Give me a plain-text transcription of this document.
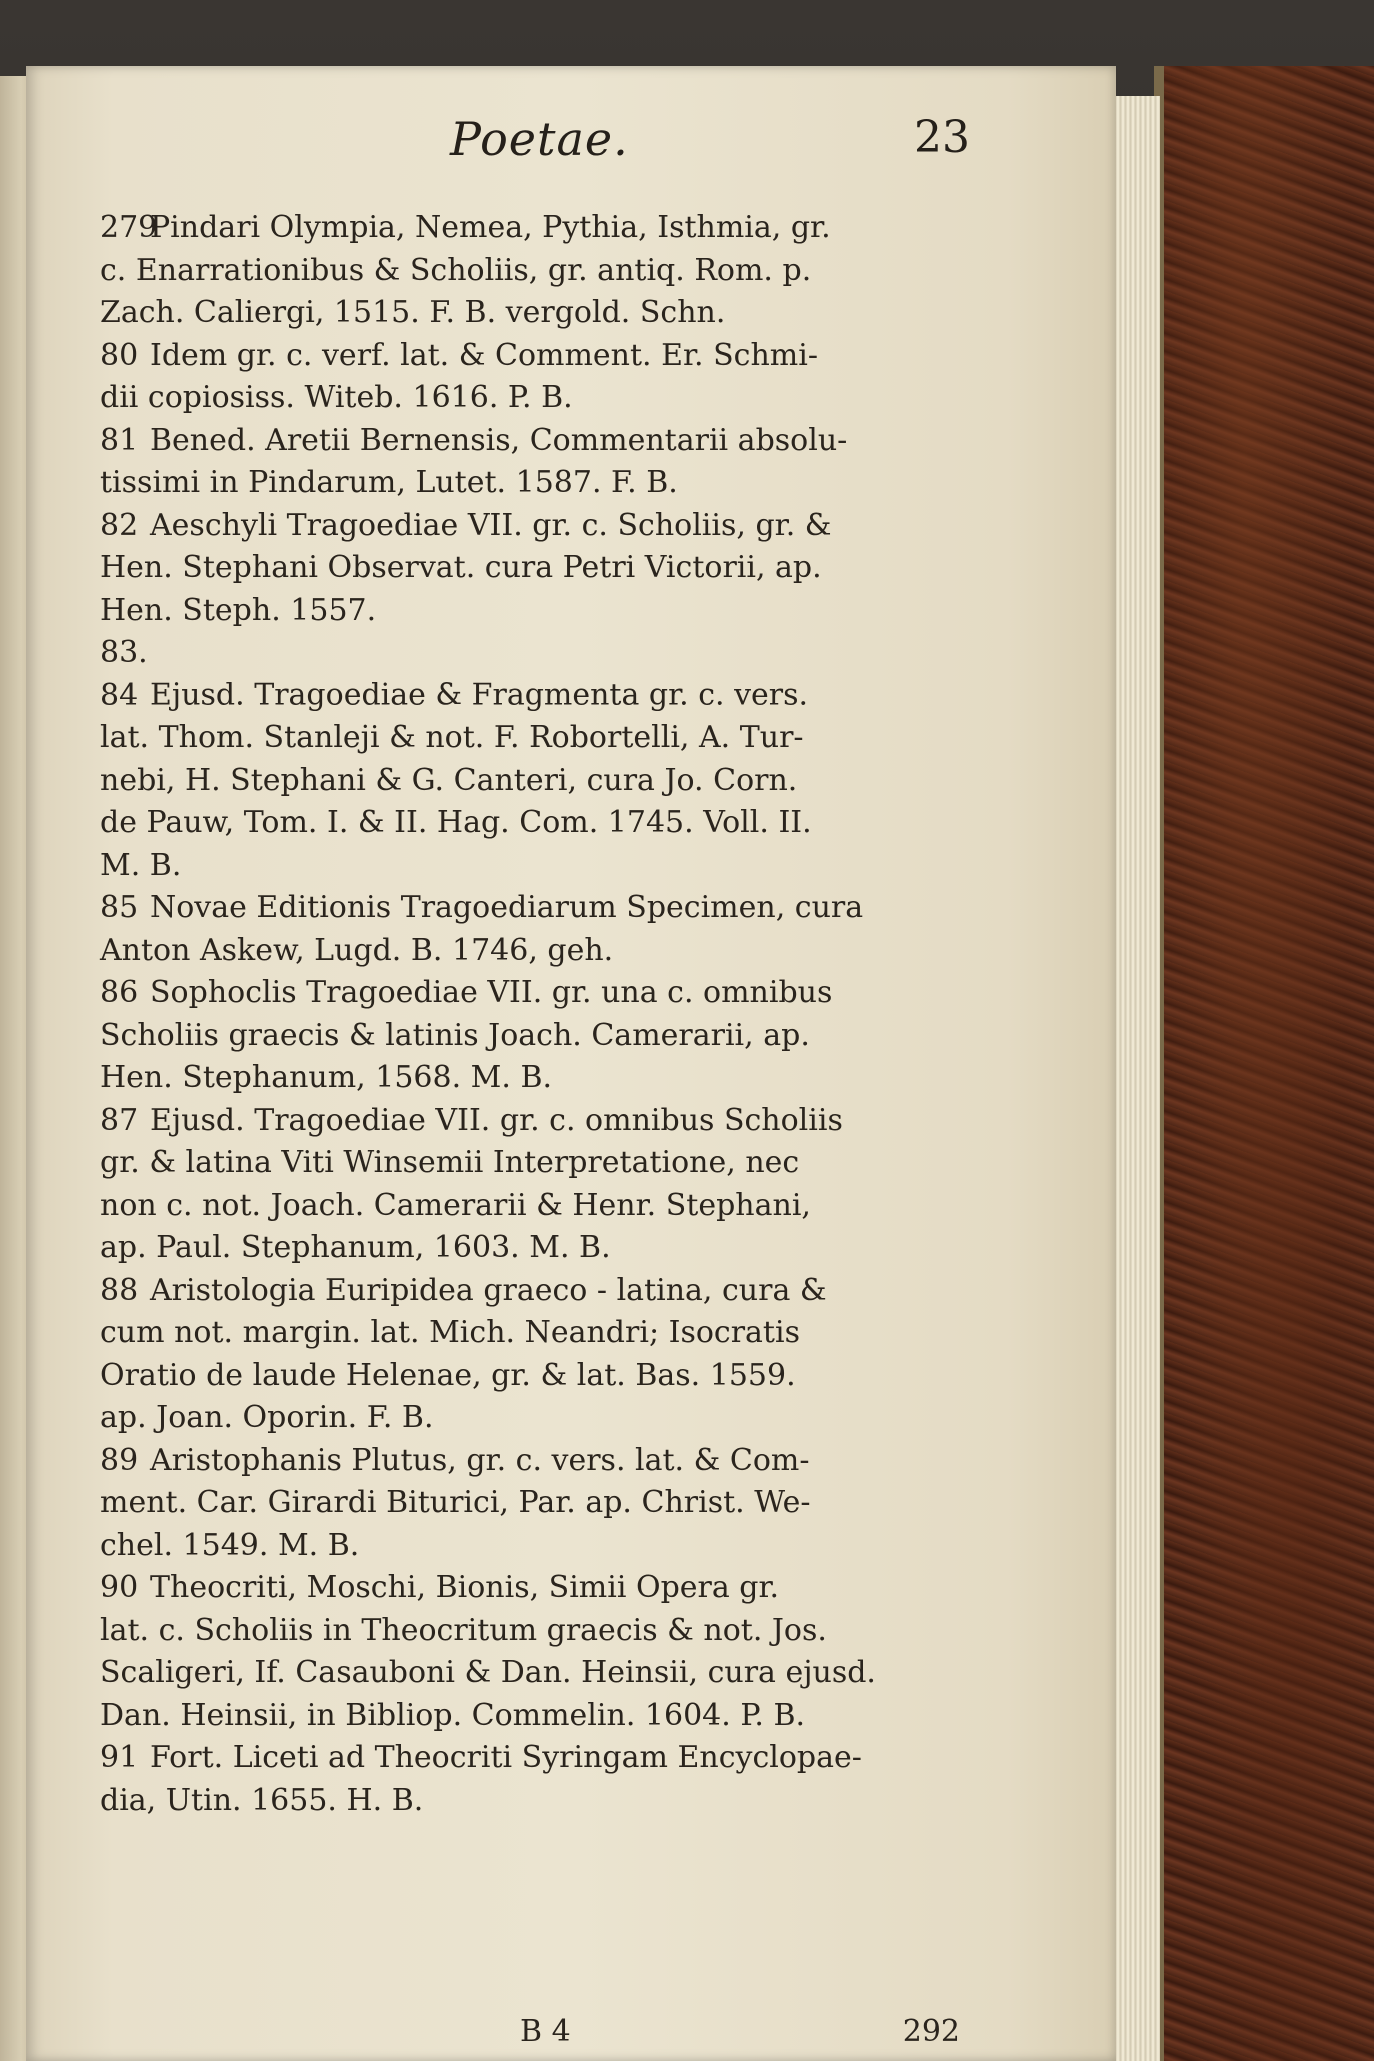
Poetae.	23

279Pindari Olympia, Nemea, Pythia, Isthmia, gr.

c. Enarrationibus & Scholiis, gr. antiq. Rom. p.
Zach. Caliergi, 1515. F. B. vergold. Schn.

80 Idem gr. c. verf. lat. & Comment. Er. Schmi-

dii copiosiss. Witeb. 1616. P. B.

81 Bened. Aretii Bernensis, Commentarii absolu-

tissimi in Pindarum, Lutet. 1587. F. B.

82 Aeschyli Tragoediae VII. gr. c. Scholiis, gr. &

Hen. Stephani Observat. cura Petri Victorii, ap.
Hen. Steph. 1557.

83. 84 Ejusd. Tragoediae & Fragmenta gr. c. vers.

lat. Thom. Stanleji & not. F. Robortelli, A. Tur-
nebi, H. Stephani & G. Canteri, cura Jo. Corn.
de Pauw, Tom. I. & II. Hag. Com. 1745. Voll. II.
M. B.

85 Novae Editionis Tragoediarum Specimen, cura

Anton Askew, Lugd. B. 1746, geh.

86 Sophoclis Tragoediae VII. gr. una c. omnibus

Scholiis graecis & latinis Joach. Camerarii, ap.
Hen. Stephanum, 1568. M. B.

87 Ejusd. Tragoediae VII. gr. c. omnibus Scholiis

gr. & latina Viti Winsemii Interpretatione, nec
non c. not. Joach. Camerarii & Henr. Stephani,
ap. Paul. Stephanum, 1603. M. B.

88 Aristologia Euripidea graeco - latina, cura &

cum not. margin. lat. Mich. Neandri; Isocratis
Oratio de laude Helenae, gr. & lat. Bas. 1559.
ap. Joan. Oporin. F. B.

89 Aristophanis Plutus, gr. c. vers. lat. & Com-

ment. Car. Girardi Biturici, Par. ap. Christ. We-
chel. 1549. M. B.

90 Theocriti, Moschi, Bionis, Simii Opera gr.

lat. c. Scholiis in Theocritum graecis & not. Jos.
Scaligeri, If. Casauboni & Dan. Heinsii, cura ejusd.
Dan. Heinsii, in Bibliop. Commelin. 1604. P. B.

91 Fort. Liceti ad Theocriti Syringam Encyclopae-

dia, Utin. 1655. H. B.

B 4	292
